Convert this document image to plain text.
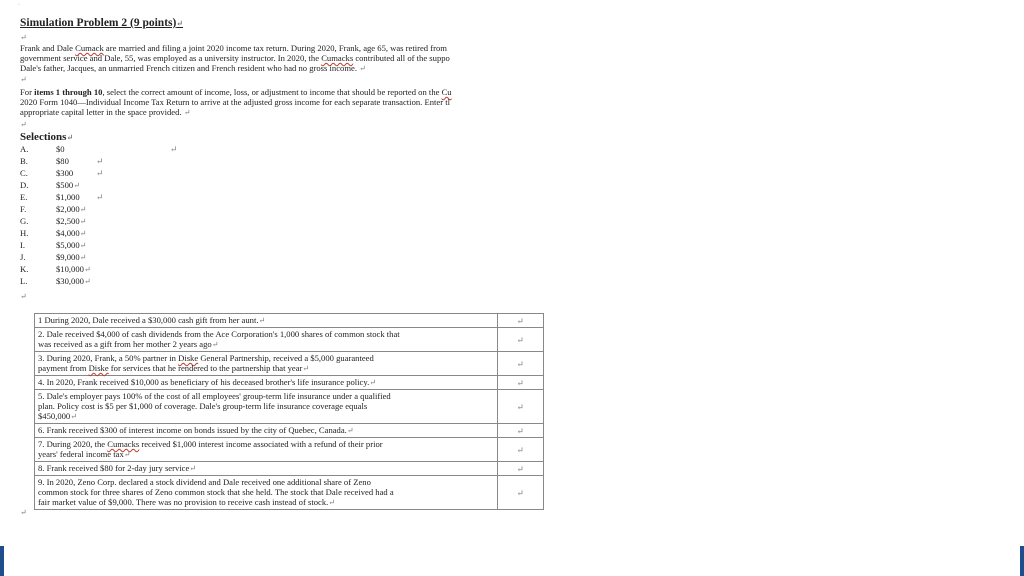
·
Simulation Problem 2 (9 points)↵
↵
Frank and Dale Cumack are married and filing a joint 2020 income tax return. During 2020, Frank, age 65, was retired from
government service and Dale, 55, was employed as a university instructor. In 2020, the Cumacks contributed all of the suppo
Dale's father, Jacques, an unmarried French citizen and French resident who had no gross income. ↵
↵
For items 1 through 10, select the correct amount of income, loss, or adjustment to income that should be reported on the Cu
2020 Form 1040—Individual Income Tax Return to arrive at the adjusted gross income for each separate transaction. Enter tl
appropriate capital letter in the space provided. ↵
↵
Selections↵
A.	$0	↵
B.	$80	↵
C.	$300	↵
D.	$500↵
E.	$1,000 ↵
F.	$2,000↵
G.	$2,500↵
H.	$4,000↵
I.	$5,000↵
J.	$9,000↵
K.	$10,000↵
L.	$30,000↵
↵
1 During 2020, Dale received a $30,000 cash gift from her aunt.↵	↵
2. Dale received $4,000 of cash dividends from the Ace Corporation's 1,000 shares of common stock that
was received as a gift from her mother 2 years ago↵	↵
3. During 2020, Frank, a 50% partner in Diske General Partnership, received a $5,000 guaranteed
payment from Diske for services that he rendered to the partnership that year↵	↵
4. In 2020, Frank received $10,000 as beneficiary of his deceased brother's life insurance policy.↵	↵
5. Dale's employer pays 100% of the cost of all employees' group-term life insurance under a qualified
plan. Policy cost is $5 per $1,000 of coverage. Dale's group-term life insurance coverage equals
$450,000↵	↵
6. Frank received $300 of interest income on bonds issued by the city of Quebec, Canada.↵	↵
7. During 2020, the Cumacks received $1,000 interest income associated with a refund of their prior
years' federal income tax↵	↵
8. Frank received $80 for 2-day jury service↵	↵
9. In 2020, Zeno Corp. declared a stock dividend and Dale received one additional share of Zeno
common stock for three shares of Zeno common stock that she held. The stock that Dale received had a
fair market value of $9,000. There was no provision to receive cash instead of stock.↵	↵
↵
